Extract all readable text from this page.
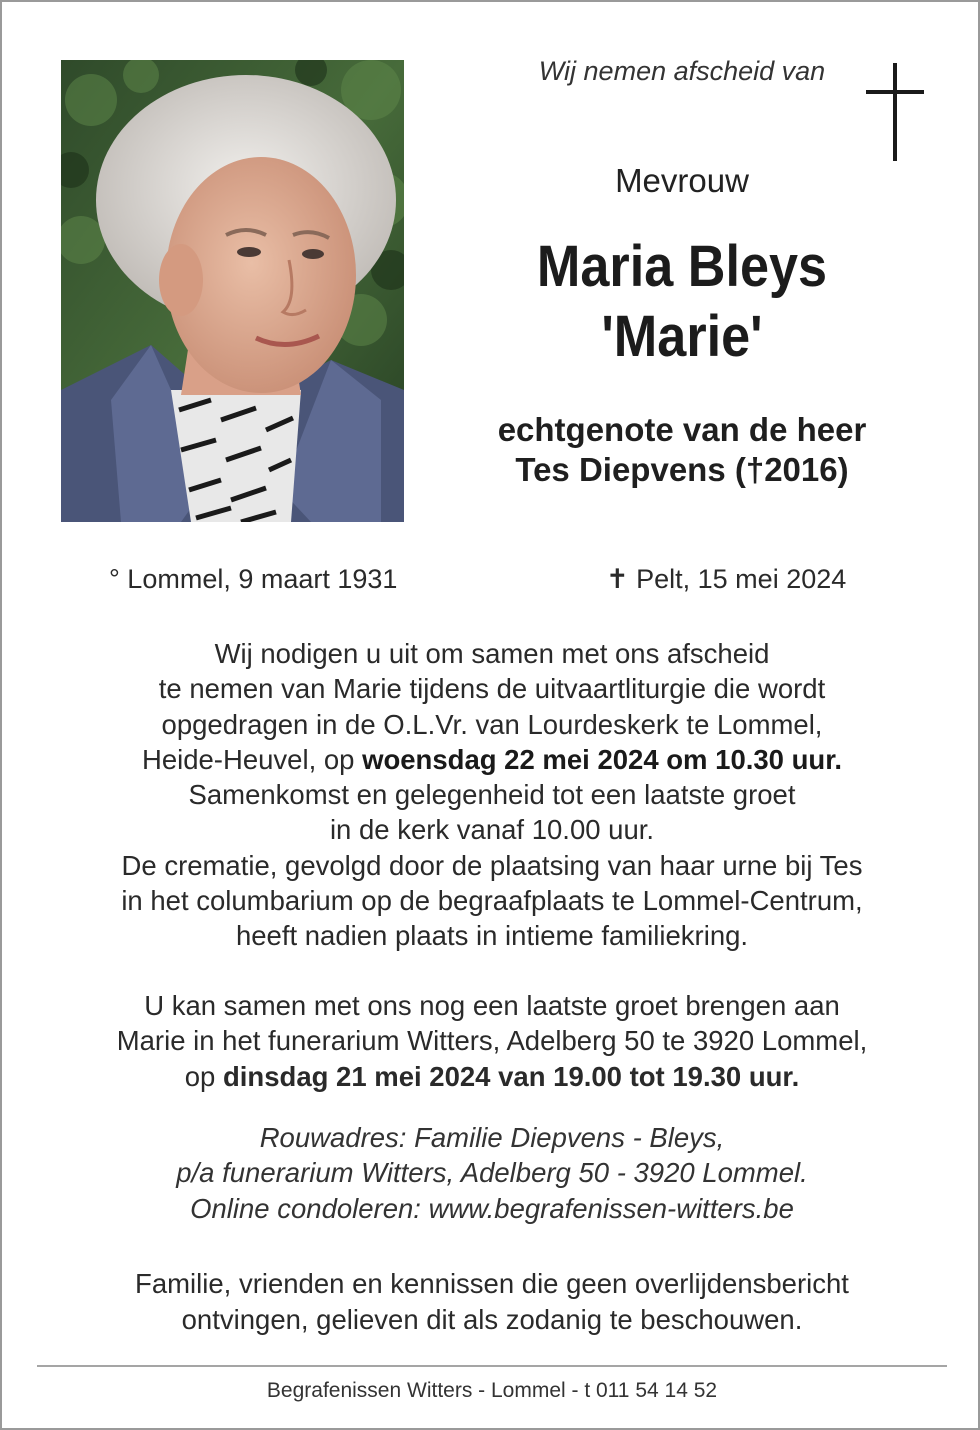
Wij nemen afscheid van
Mevrouw
Maria Bleys
'Marie'
echtgenote van de heer
Tes Diepvens (†2016)
° Lommel, 9 maart 1931	✝ Pelt, 15 mei 2024
Wij nodigen u uit om samen met ons afscheid
te nemen van Marie tijdens de uitvaartliturgie die wordt
opgedragen in de O.L.Vr. van Lourdeskerk te Lommel,
Heide-Heuvel, op woensdag 22 mei 2024 om 10.30 uur.
Samenkomst en gelegenheid tot een laatste groet
in de kerk vanaf 10.00 uur.
De crematie, gevolgd door de plaatsing van haar urne bij Tes
in het columbarium op de begraafplaats te Lommel-Centrum,
heeft nadien plaats in intieme familiekring.
U kan samen met ons nog een laatste groet brengen aan
Marie in het funerarium Witters, Adelberg 50 te 3920 Lommel,
op dinsdag 21 mei 2024 van 19.00 tot 19.30 uur.
Rouwadres: Familie Diepvens - Bleys,
p/a funerarium Witters, Adelberg 50 - 3920 Lommel.
Online condoleren: www.begrafenissen-witters.be
Familie, vrienden en kennissen die geen overlijdensbericht
ontvingen, gelieven dit als zodanig te beschouwen.
Begrafenissen Witters - Lommel - t 011 54 14 52
